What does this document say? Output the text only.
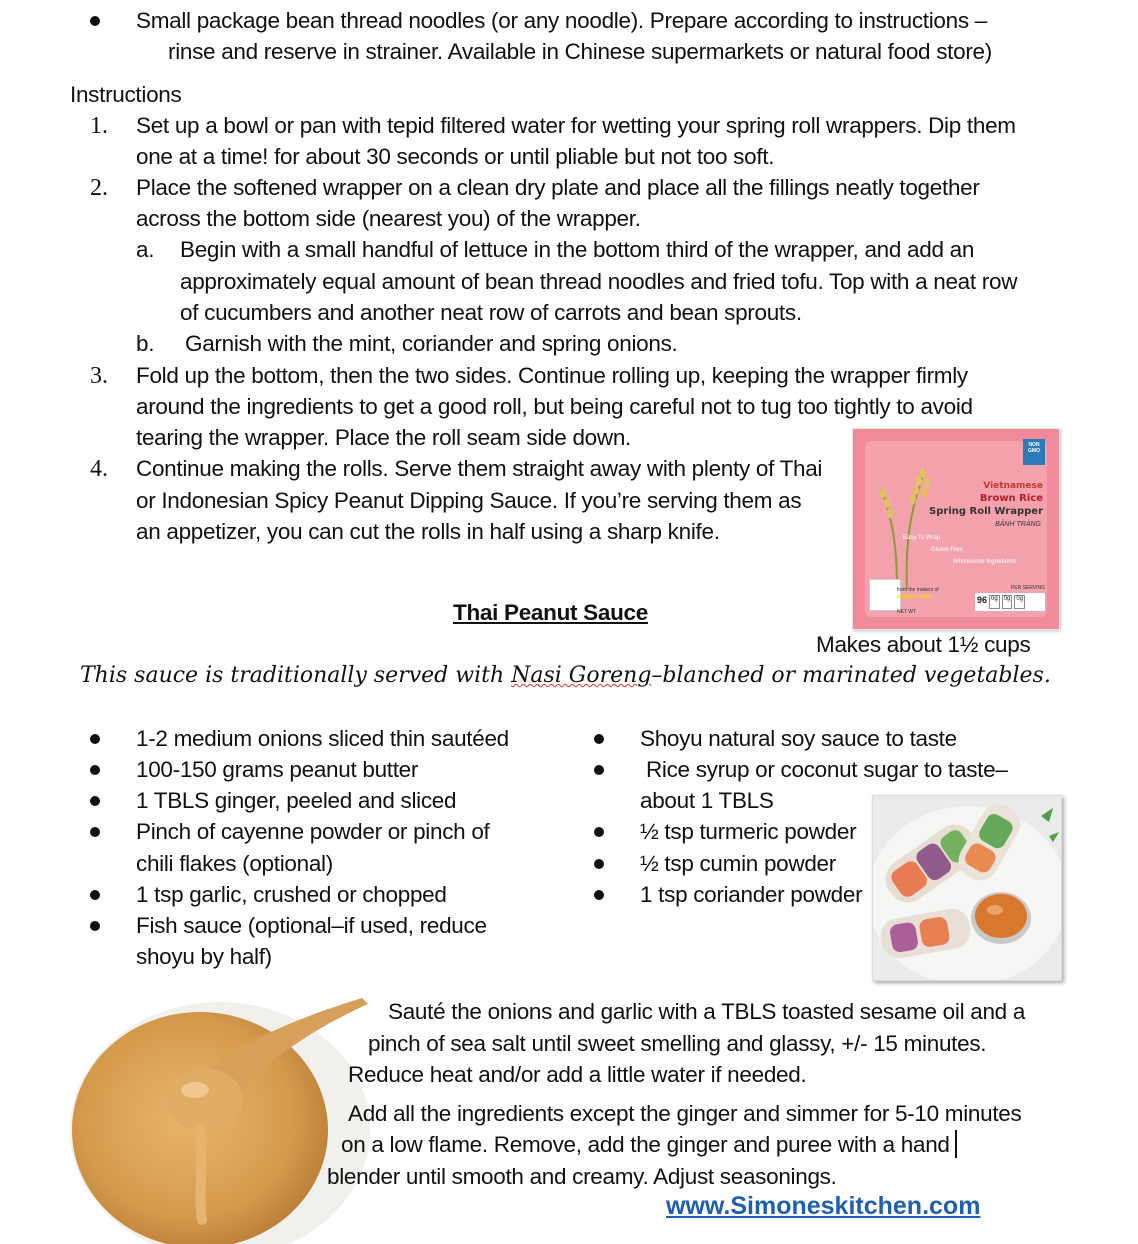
Small package bean thread noodles (or any noodle). Prepare according to instructions –
rinse and reserve in strainer. Available in Chinese supermarkets or natural food store)
Instructions
1. Set up a bowl or pan with tepid filtered water for wetting your spring roll wrappers. Dip them
one at a time! for about 30 seconds or until pliable but not too soft.
2. Place the softened wrapper on a clean dry plate and place all the fillings neatly together
across the bottom side (nearest you) of the wrapper.
a. Begin with a small handful of lettuce in the bottom third of the wrapper, and add an
approximately equal amount of bean thread noodles and fried tofu. Top with a neat row
of cucumbers and another neat row of carrots and bean sprouts.
b. Garnish with the mint, coriander and spring onions.
3. Fold up the bottom, then the two sides. Continue rolling up, keeping the wrapper firmly
around the ingredients to get a good roll, but being careful not to tug too tightly to avoid
tearing the wrapper. Place the roll seam side down.
4. Continue making the rolls. Serve them straight away with plenty of Thai
or Indonesian Spicy Peanut Dipping Sauce. If you’re serving them as
an appetizer, you can cut the rolls in half using a sharp knife.
NON GMO
Vietnamese
Brown Rice
Spring Roll Wrapper
BÁNH TRÁNG
Easy To Wrap
Gluten Free
Wholesome Ingredients
from the makers of
HAPPY PHO
NET WT
PER SERVING
96 0g	0g	0g
Thai Peanut Sauce
Makes about 1½ cups
This sauce is traditionally served with Nasi Goreng–blanched or marinated vegetables.
1-2 medium onions sliced thin sautéed
100-150 grams peanut butter
1 TBLS ginger, peeled and sliced
Pinch of cayenne powder or pinch of
chili flakes (optional)
1 tsp garlic, crushed or chopped
Fish sauce (optional–if used, reduce
shoyu by half)
Shoyu natural soy sauce to taste
Rice syrup or coconut sugar to taste–
about 1 TBLS
½ tsp turmeric powder
½ tsp cumin powder
1 tsp coriander powder
Sauté the onions and garlic with a TBLS toasted sesame oil and a
pinch of sea salt until sweet smelling and glassy, +/- 15 minutes.
Reduce heat and/or add a little water if needed.
Add all the ingredients except the ginger and simmer for 5-10 minutes
on a low flame. Remove, add the ginger and puree with a hand
blender until smooth and creamy. Adjust seasonings.
www.Simoneskitchen.com
